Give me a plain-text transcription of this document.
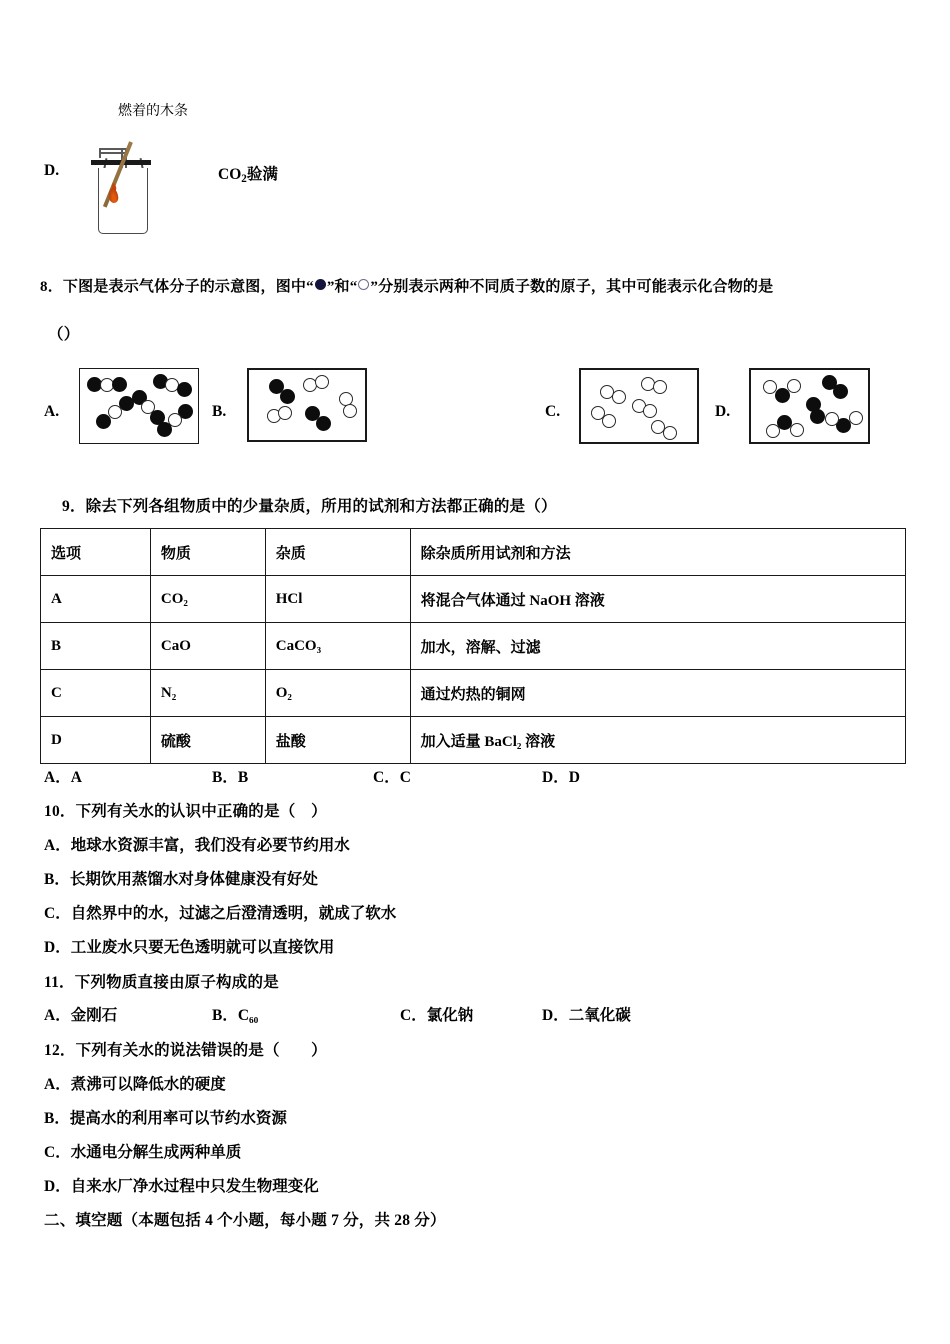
燃着的木条
D.	$CO_2$验满
8．下图是表示气体分子的示意图，图中“ ”和“ ”分别表示两种不同质子数的原子，其中可能表示化合物的是
（）
A.	B.	C.	D.
9．除去下列各组物质中的少量杂质，所用的试剂和方法都正确的是（）
选项	物质	杂质	除杂质所用试剂和方法
A	CO₂	HCl	将混合气体通过 NaOH 溶液
B	CaO	CaCO₃	加水，溶解、过滤
C	N₂	O₂	通过灼热的铜网
D	硫酸	盐酸	加入适量 BaCl₂ 溶液
A．A	B．B	C．C	D．D
10．下列有关水的认识中正确的是（　）
A．地球水资源丰富，我们没有必要节约用水
B．长期饮用蒸馏水对身体健康没有好处
C．自然界中的水，过滤之后澄清透明，就成了软水
D．工业废水只要无色透明就可以直接饮用
11．下列物质直接由原子构成的是
A．金刚石	B．C₆₀	C．氯化钠	D．二氧化碳
12．下列有关水的说法错误的是（　　）
A．煮沸可以降低水的硬度
B．提高水的利用率可以节约水资源
C．水通电分解生成两种单质
D．自来水厂净水过程中只发生物理变化
二、填空题（本题包括 4 个小题，每小题 7 分，共 28 分）
